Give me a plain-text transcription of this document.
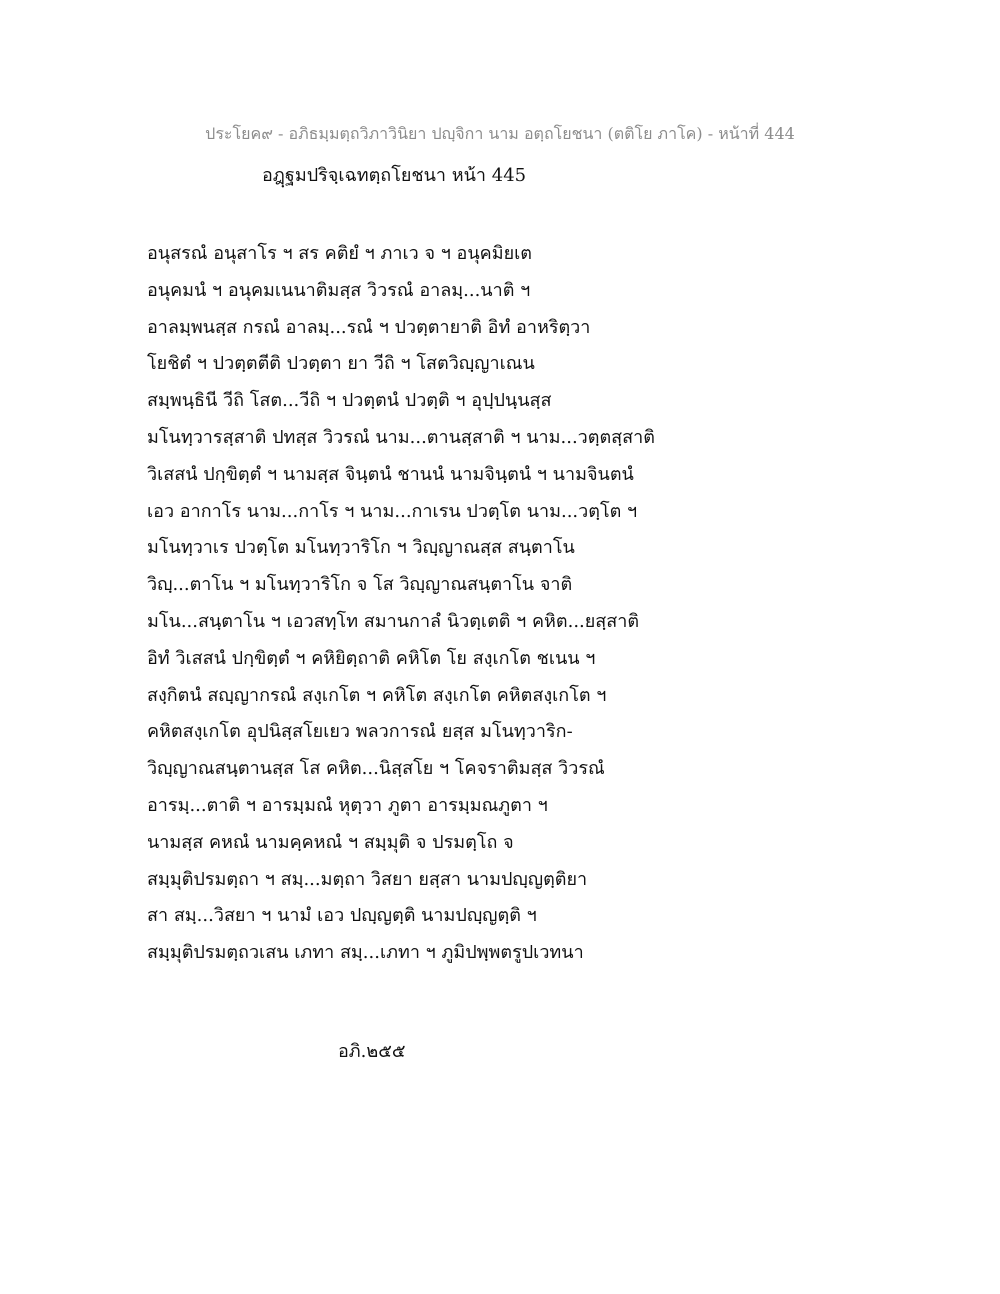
ประโยค๙ - อภิธมฺมตฺถวิภาวินิยา ปญฺจิกา นาม อตฺถโยชนา (ตติโย ภาโค) - หน้าที่ 444
อฎฺฐมปริจฺเฉทตฺถโยชนา หน้า 445
อนุสรณํ อนุสาโร ฯ สร คติยํ ฯ ภาเว จ ฯ อนุคมิยเต
อนุคมนํ ฯ อนุคมเนนาติมสฺส วิวรณํ อาลมฺ...นาติ ฯ
อาลมฺพนสฺส กรณํ อาลมฺ...รณํ ฯ ปวตฺตายาติ อิทํ อาหริตฺวา
โยชิตํ ฯ ปวตฺตตีติ ปวตฺตา ยา วีถิ ฯ โสตวิญฺญาเณน
สมฺพนฺธินี วีถิ โสต...วีถิ ฯ ปวตฺตนํ ปวตฺติ ฯ อุปฺปนฺนสฺส
มโนทฺวารสฺสาติ ปทสฺส วิวรณํ นาม...ตานสฺสาติ ฯ นาม...วตฺตสฺสาติ
วิเสสนํ ปกฺขิตฺตํ ฯ นามสฺส จินฺตนํ ชานนํ นามจินฺตนํ ฯ นามจินตนํ
เอว อากาโร นาม...กาโร ฯ นาม...กาเรน ปวตฺโต นาม...วตฺโต ฯ
มโนทฺวาเร ปวตฺโต มโนทฺวาริโก ฯ วิญฺญาณสฺส สนฺตาโน
วิญฺ...ตาโน ฯ มโนทฺวาริโก จ โส วิญฺญาณสนฺตาโน จาติ
มโน...สนฺตาโน ฯ เอวสทฺโท สมานกาลํ นิวตฺเตติ ฯ คหิต...ยสฺสาติ
อิทํ วิเสสนํ ปกฺขิตฺตํ ฯ คหิยิตฺถาติ คหิโต โย สงฺเกโต ชเนน ฯ
สงฺกิตนํ สญฺญากรณํ สงฺเกโต ฯ คหิโต สงฺเกโต คหิตสงฺเกโต ฯ
คหิตสงฺเกโต อุปนิสฺสโยเยว พลวการณํ ยสฺส มโนทฺวาริก-
วิญฺญาณสนฺตานสฺส โส คหิต...นิสฺสโย ฯ โคจราติมสฺส วิวรณํ
อารมฺ...ตาติ ฯ อารมฺมณํ หุตฺวา ภูตา อารมฺมณภูตา ฯ
นามสฺส คหณํ นามคฺคหณํ ฯ สมฺมุติ จ ปรมตฺโถ จ
สมฺมุติปรมตฺถา ฯ สมฺ...มตฺถา วิสยา ยสฺสา นามปญฺญตฺติยา
สา สมฺ...วิสยา ฯ นามํ เอว ปญฺญตฺติ นามปญฺญตฺติ ฯ
สมฺมุติปรมตฺถวเสน เภทา สมฺ...เภทา ฯ ภูมิปพฺพตรูปเวทนา
อภิ.๒๕๕
